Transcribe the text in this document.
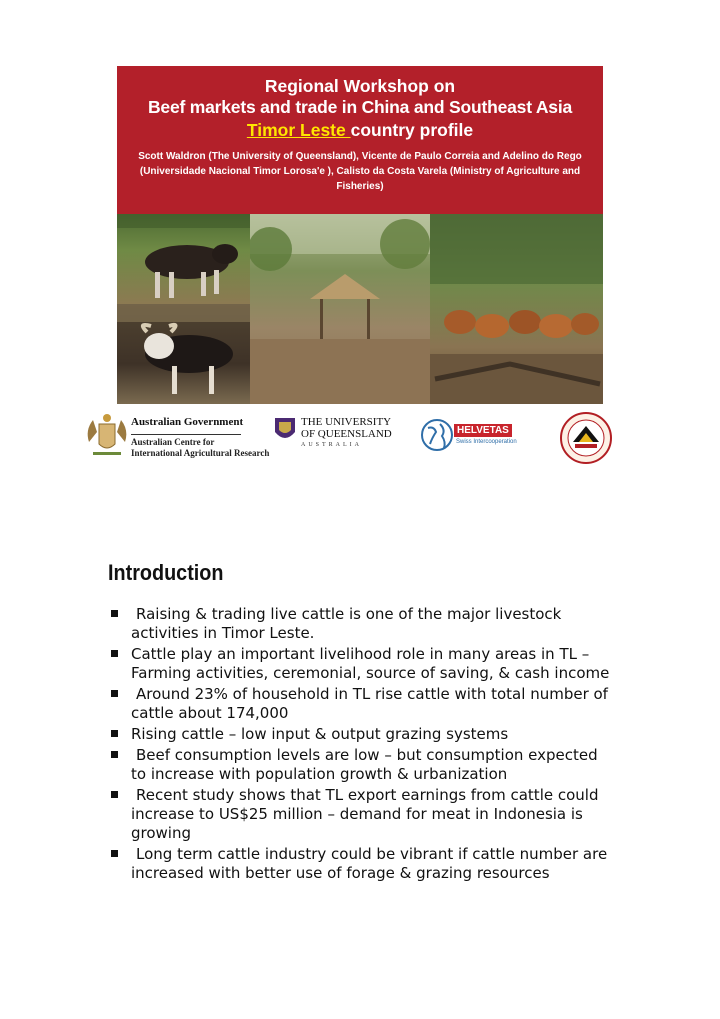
Regional Workshop on
Beef markets and trade in China and Southeast Asia
Timor Leste country profile
Scott Waldron (The University of Queensland), Vicente de Paulo Correia and Adelino do Rego
(Universidade Nacional Timor Lorosa'e ), Calisto da Costa Varela (Ministry of Agriculture and
Fisheries)
Australian Government
Australian Centre for
International Agricultural Research
THE UNIVERSITY
OF QUEENSLAND
AUSTRALIA
HELVETAS
Swiss Intercooperation
Introduction
Raising & trading live cattle is one of the major livestock
activities in Timor Leste.
Cattle play an important livelihood role in many areas in TL –
Farming activities, ceremonial, source of saving, & cash income
Around 23% of household in TL rise cattle with total number of
cattle about 174,000
Rising cattle – low input & output grazing systems
Beef consumption levels are low – but consumption expected
to increase with population growth & urbanization
Recent study shows that TL export earnings from cattle could
increase to US$25 million – demand for meat in Indonesia is
growing
Long term cattle industry could be vibrant if cattle number are
increased with better use of forage & grazing resources
